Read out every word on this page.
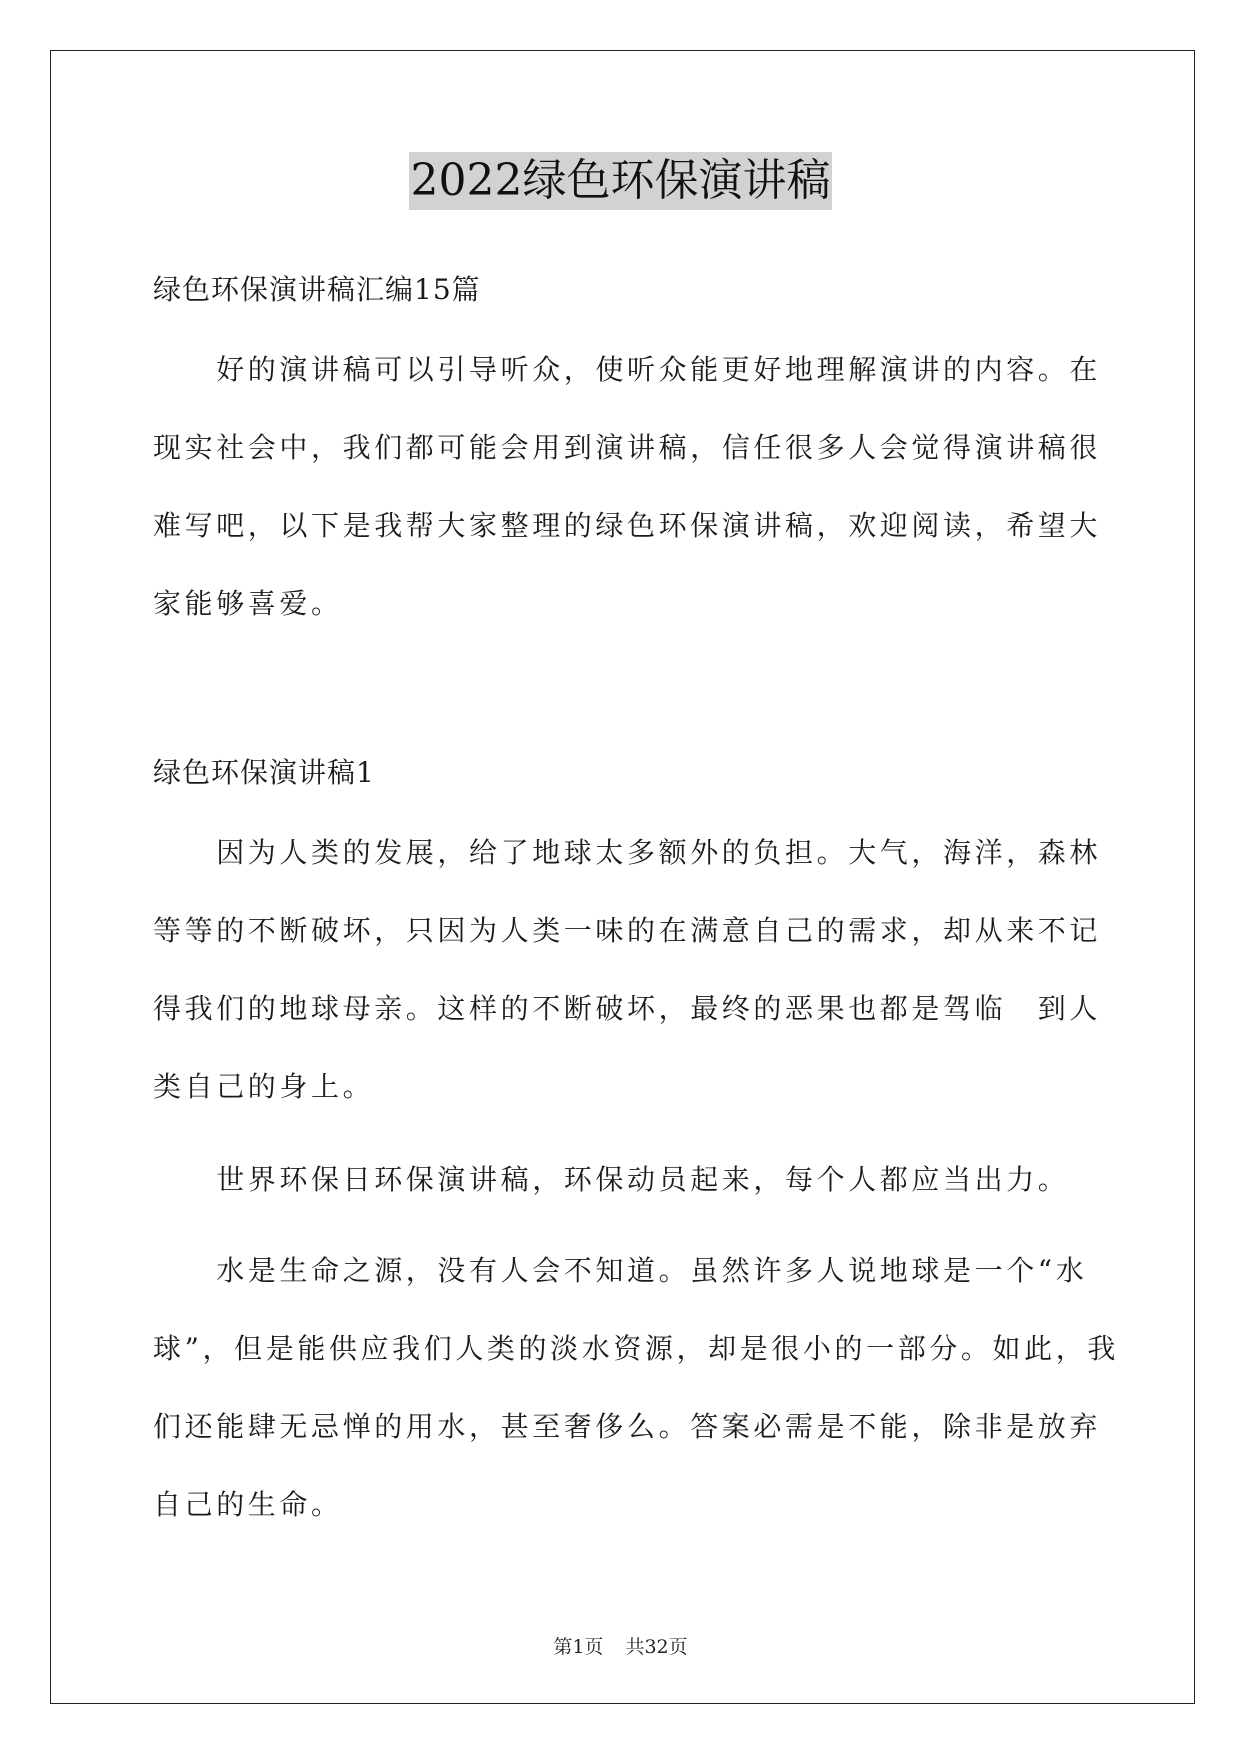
2022绿色环保演讲稿
绿色环保演讲稿汇编15篇
　　好的演讲稿可以引导听众，使听众能更好地理解演讲的内容。在
现实社会中，我们都可能会用到演讲稿，信任很多人会觉得演讲稿很
难写吧，以下是我帮大家整理的绿色环保演讲稿，欢迎阅读，希望大
家能够喜爱。
绿色环保演讲稿1
　　因为人类的发展，给了地球太多额外的负担。大气，海洋，森林
等等的不断破坏，只因为人类一味的在满意自己的需求，却从来不记
得我们的地球母亲。这样的不断破坏，最终的恶果也都是驾临　到人
类自己的身上。
　　世界环保日环保演讲稿，环保动员起来，每个人都应当出力。
　　水是生命之源，没有人会不知道。虽然许多人说地球是一个“水
球”，但是能供应我们人类的淡水资源，却是很小的一部分。如此，我
们还能肆无忌惮的用水，甚至奢侈么。答案必需是不能，除非是放弃
自己的生命。
第1页 共32页
